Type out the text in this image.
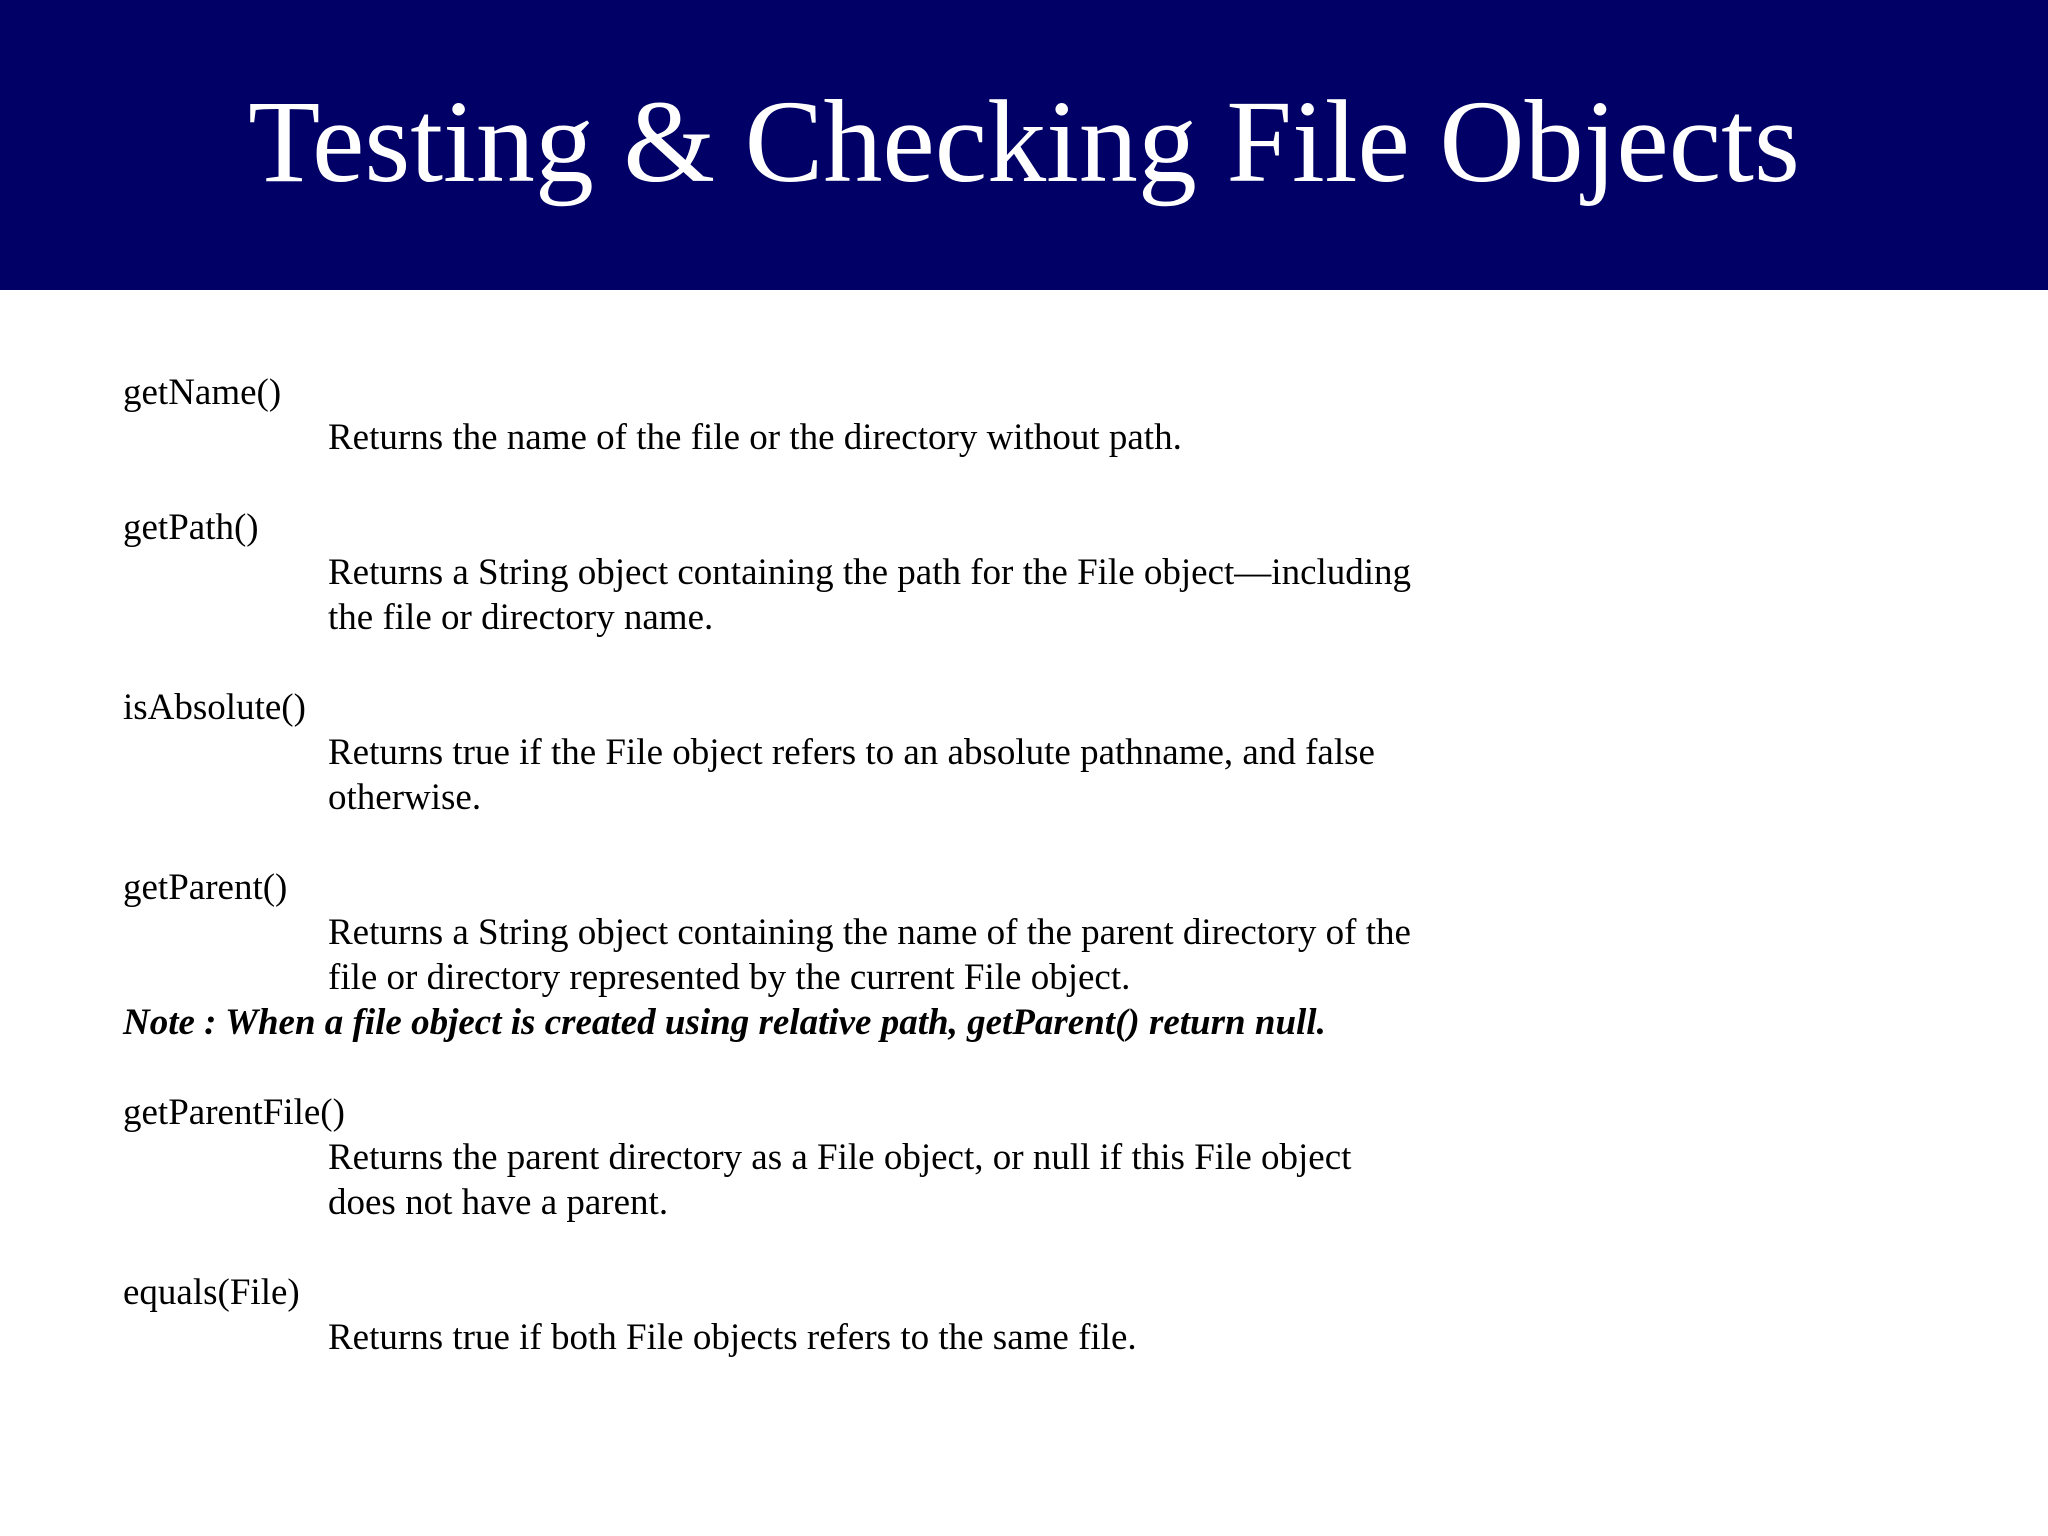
Testing & Checking File Objects
getName()
Returns the name of the file or the directory without path.
getPath()
Returns a String object containing the path for the File object—including
the file or directory name.
isAbsolute()
Returns true if the File object refers to an absolute pathname, and false
otherwise.
getParent()
Returns a String object containing the name of the parent directory of the
file or directory represented by the current File object.
Note : When a file object is created using relative path, getParent() return null.
getParentFile()
Returns the parent directory as a File object, or null if this File object
does not have a parent.
equals(File)
Returns true if both File objects refers to the same file.
